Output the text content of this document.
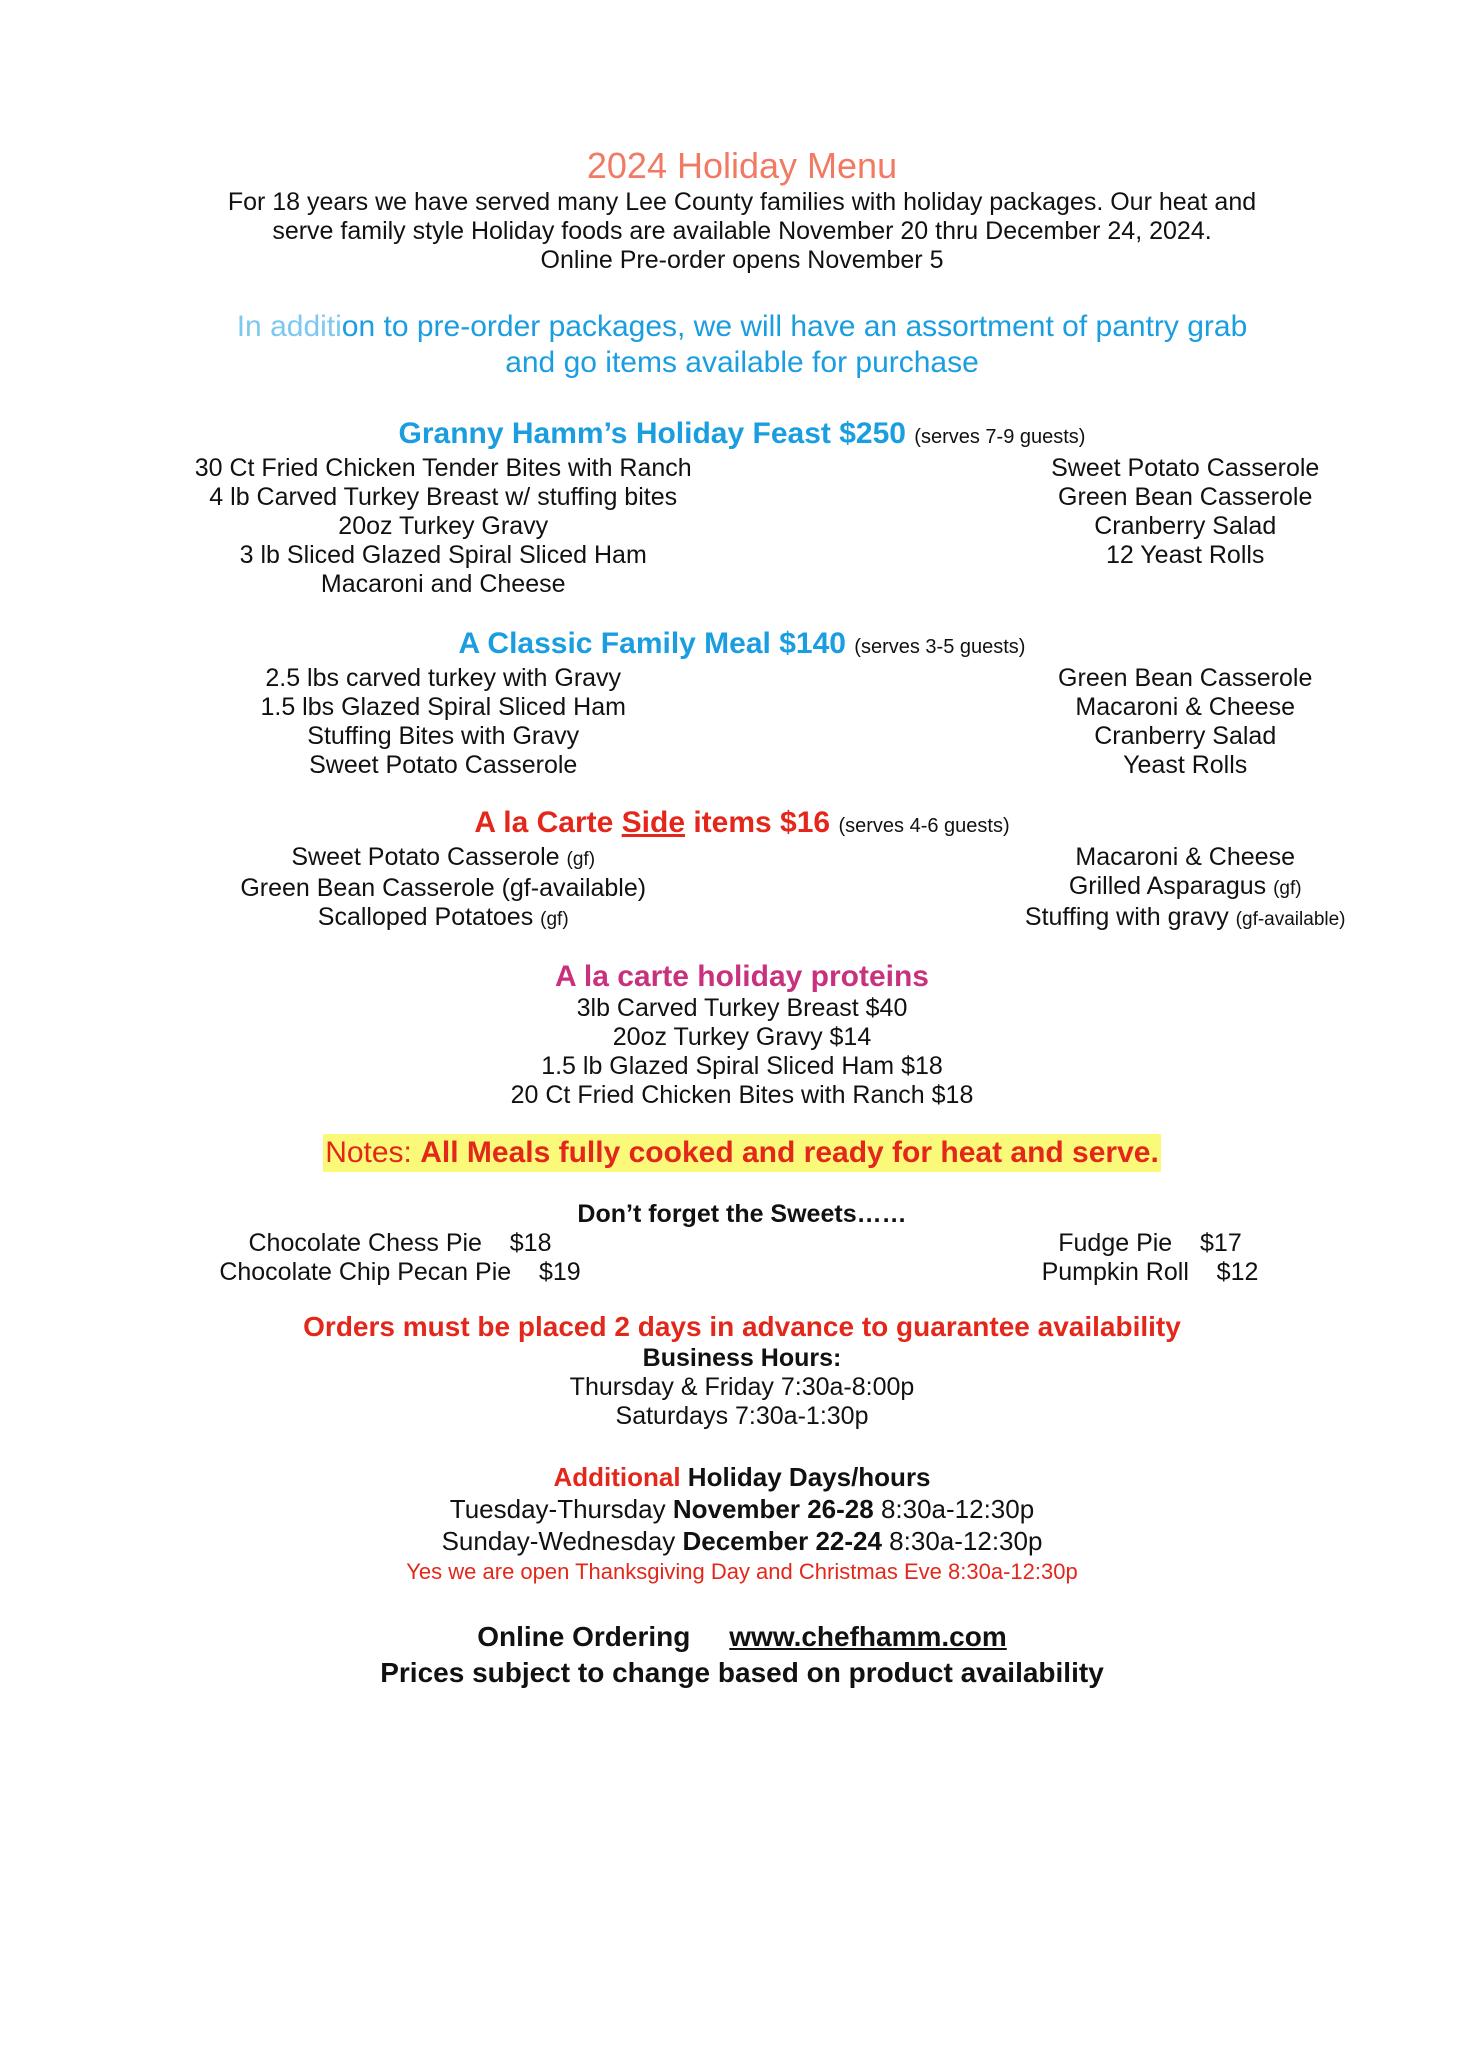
2024 Holiday Menu
For 18 years we have served many Lee County families with holiday packages. Our heat and
serve family style Holiday foods are available November 20 thru December 24, 2024.
Online Pre-order opens November 5
In addition to pre-order packages, we will have an assortment of pantry grab
and go items available for purchase
Granny Hamm’s Holiday Feast $250 (serves 7-9 guests)
30 Ct Fried Chicken Tender Bites with Ranch
4 lb Carved Turkey Breast w/ stuffing bites
20oz Turkey Gravy
3 lb Sliced Glazed Spiral Sliced Ham
Macaroni and Cheese
Sweet Potato Casserole
Green Bean Casserole
Cranberry Salad
12 Yeast Rolls
A Classic Family Meal $140 (serves 3-5 guests)
2.5 lbs carved turkey with Gravy
1.5 lbs Glazed Spiral Sliced Ham
Stuffing Bites with Gravy
Sweet Potato Casserole
Green Bean Casserole
Macaroni & Cheese
Cranberry Salad
Yeast Rolls
A la Carte Side items $16 (serves 4-6 guests)
Sweet Potato Casserole (gf)
Green Bean Casserole (gf-available)
Scalloped Potatoes (gf)
Macaroni & Cheese
Grilled Asparagus (gf)
Stuffing with gravy (gf-available)
A la carte holiday proteins
3lb Carved Turkey Breast $40
20oz Turkey Gravy $14
1.5 lb Glazed Spiral Sliced Ham $18
20 Ct Fried Chicken Bites with Ranch $18
Notes: All Meals fully cooked and ready for heat and serve.
Don’t forget the Sweets……
Chocolate Chess Pie $18
Chocolate Chip Pecan Pie $19
Fudge Pie $17
Pumpkin Roll $12
Orders must be placed 2 days in advance to guarantee availability
Business Hours:
Thursday & Friday 7:30a-8:00p
Saturdays 7:30a-1:30p
Additional Holiday Days/hours
Tuesday-Thursday November 26-28 8:30a-12:30p
Sunday-Wednesday December 22-24 8:30a-12:30p
Yes we are open Thanksgiving Day and Christmas Eve 8:30a-12:30p
Online Ordering www.chefhamm.com
Prices subject to change based on product availability
